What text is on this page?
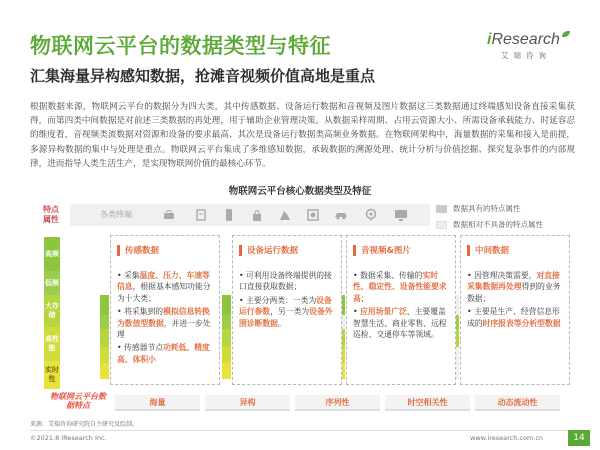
物联网云平台的数据类型与特征
汇集海量异构感知数据，抢滩音视频价值高地是重点
iResearch
艾瑞咨询
根据数据来源，物联网云平台的数据分为四大类，其中传感数据、设备运行数据和音视频及图片数据这三类数据通过终端感知设备直接采集获得，而第四类中间数据是对前述三类数据的再处理，用于辅助企业管理决策。从数据采样周期、占用云资源大小、所需设备承载能力、时延容忍的维度看，音视频类流数据对资源和设备的要求最高、其次是设备运行数据类高频业务数据。在物联网架构中，海量数据的采集和接入是前提，多源异构数据的集中与处理是重点。物联网云平台集成了多维感知数据，承载数据的溯源处理、统计分析与价值挖掘、探究复杂事件的内部规律，进而指导人类生活生产，是实现物联网价值的最核心环节。
物联网云平台核心数据类型及特征
数据具有的特点属性
数据相对不具备的特点属性
特点属性
高频
低频
大存储
高性能
实时性
各类终端
传感数据

• 采集温度、压力、车速等信息，根据基本感知功能分为十大类；

• 将采集到的模拟信息转换为数值型数据，并进一步处理

• 传感器节点功耗低、精度高、体积小

设备运行数据

• 可利用设备终端提供的接口直接获取数据；

• 主要分两类：一类为设备运行参数，另一类为设备外围诊断数据。

音视频&图片

• 数据采集、传输的实时性、稳定性、设备性能要求高；

• 应用场景广泛，主要覆盖智慧生活、商业零售、远程巡检、交通停车等领域。

中间数据

• 因管理决策需要，对直接采集数据再处理得到的业务数据；

• 主要是生产、经营信息形成的时序报表等分析型数据

物联网云平台数据特点	海量	异构	序列性	时空相关性	动态流动性
来源：艾瑞咨询研究院自主研究及绘制。
©2021.8 iResearch Inc.	www.iresearch.com.cn	14
